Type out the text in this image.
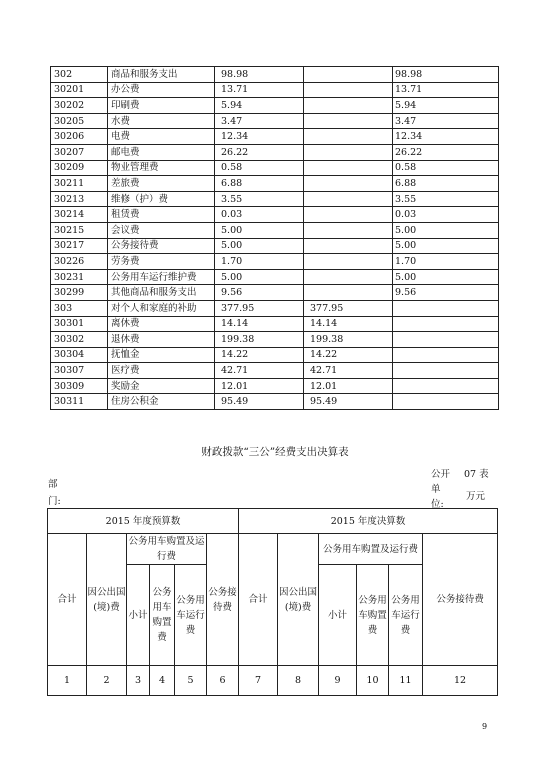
302	商品和服务支出	98.98		98.98
30201	办公费	13.71		13.71
30202	印刷费	5.94		5.94
30205	水费	3.47		3.47
30206	电费	12.34		12.34
30207	邮电费	26.22		26.22
30209	物业管理费	0.58		0.58
30211	差旅费	6.88		6.88
30213	维修（护）费	3.55		3.55
30214	租赁费	0.03		0.03
30215	会议费	5.00		5.00
30217	公务接待费	5.00		5.00
30226	劳务费	1.70		1.70
30231	公务用车运行维护费	5.00		5.00
30299	其他商品和服务支出	9.56		9.56
303	对个人和家庭的补助	377.95	377.95	
30301	离休费	14.14	14.14	
30302	退休费	199.38	199.38	
30304	抚恤金	14.22	14.22	
30307	医疗费	42.71	42.71	
30309	奖励金	12.01	12.01	
30311	住房公积金	95.49	95.49	
财政拨款“三公”经费支出决算表
部
门:
公开
单
位:
07 表
万元
2015 年度预算数						2015 年度决算数					
合计	因公出国(境)费	公务用车购置及运行费			公务接待费	合计	因公出国(境)费	公务用车购置及运行费			公务接待费
		小计	公务用车购置费	公务用车运行费				小计	公务用车购置费	公务用车运行费	
1	2	3	4	5	6	7	8	9	10	11	12
9
